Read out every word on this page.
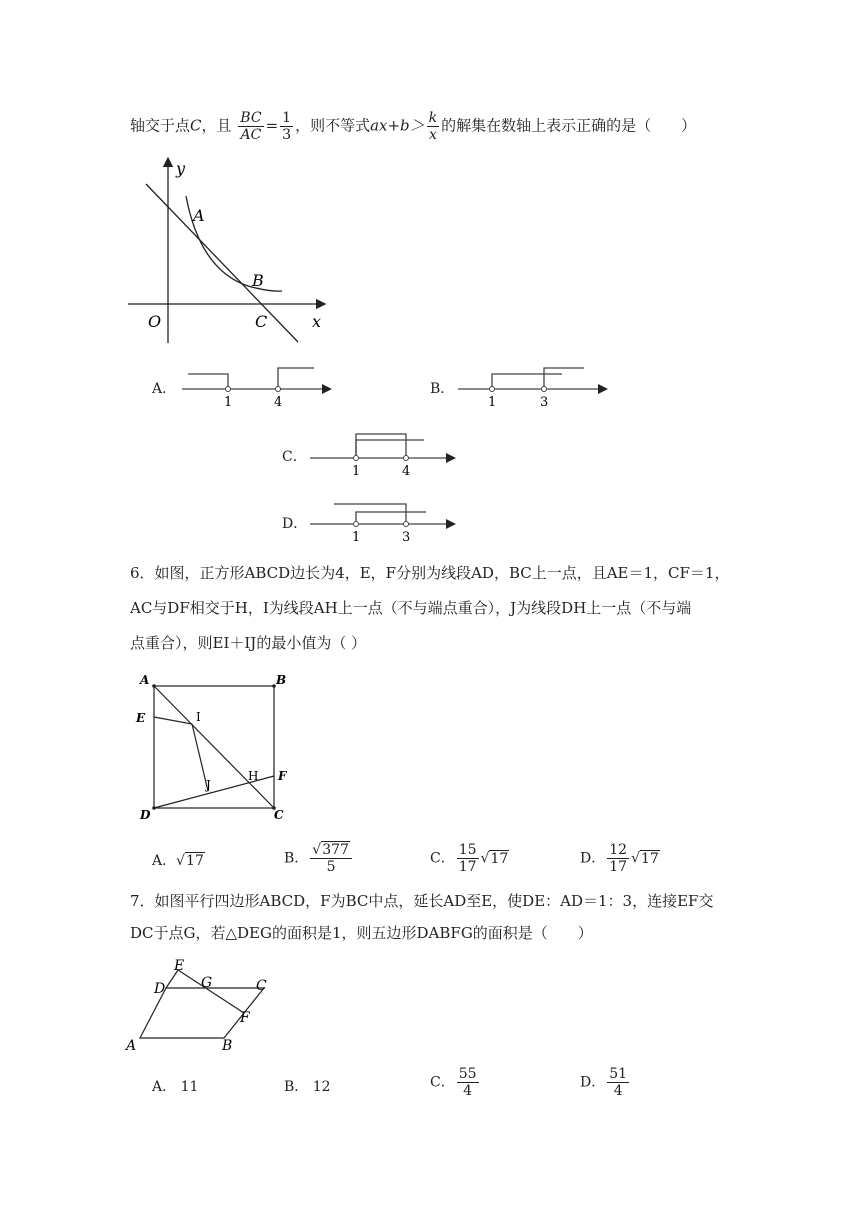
轴交于点C，且 $\frac{BC}{AC} = \frac{1}{3}$ ，则不等式$ax+b> \frac{k}{x}$ 的解集在数轴上表示正确的是（　　）
y
x
A
B
C
O
A．
1	4
B．
1	3
C．
1	4
D．
1	3
6．如图，正方形ABCD边长为4，E，F分别为线段AD，BC上一点，且AE＝1，CF＝1，
AC与DF相交于H，I为线段AH上一点（不与端点重合），J为线段DH上一点（不与端
点重合），则EI＋IJ的最小值为（ ）
A	B
E	I
H F
J
D	C
A．√17	B． $\frac{√377}{5}$	C． $\frac{15}{17} √17$	D． $\frac{12}{17} √17$
7．如图平行四边形ABCD，F为BC中点，延长AD至E，使DE：AD＝1：3，连接EF交
DC于点G，若△DEG的面积是1，则五边形DABFG的面积是（　　）
E
D	G	C
F
A	B
A． 11	B． 12	C． $\frac{55}{4}$	D． $\frac{51}{4}$
